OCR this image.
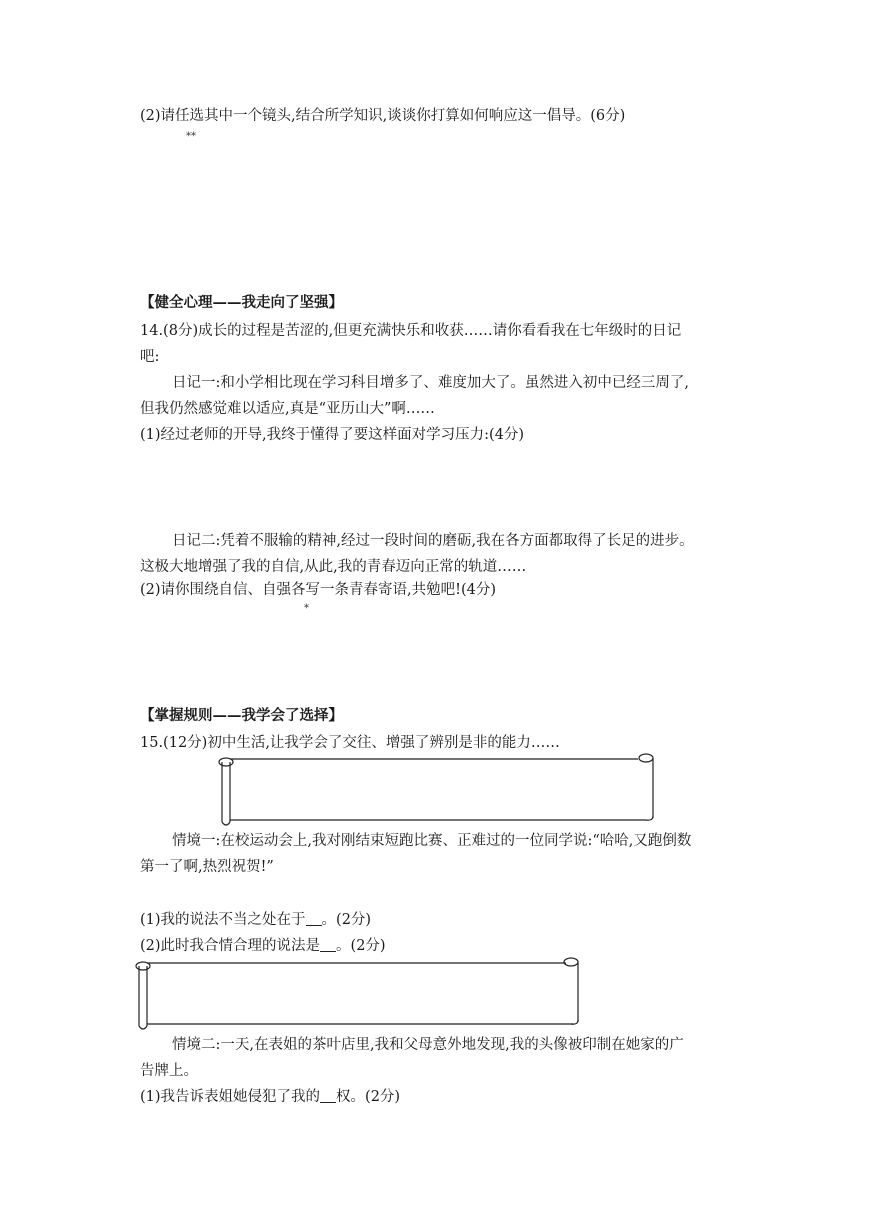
(2)请任选其中一个镜头,结合所学知识,谈谈你打算如何响应这一倡导。(6分)
**
【健全心理——我走向了坚强】
14.(8分)成长的过程是苦涩的,但更充满快乐和收获……请你看看我在七年级时的日记
吧:
日记一:和小学相比现在学习科目增多了、难度加大了。虽然进入初中已经三周了,
但我仍然感觉难以适应,真是“亚历山大”啊……
(1)经过老师的开导,我终于懂得了要这样面对学习压力:(4分)
日记二:凭着不服输的精神,经过一段时间的磨砺,我在各方面都取得了长足的进步。
这极大地增强了我的自信,从此,我的青春迈向正常的轨道……
(2)请你围绕自信、自强各写一条青春寄语,共勉吧!(4分)
*
【掌握规则——我学会了选择】
15.(12分)初中生活,让我学会了交往、增强了辨别是非的能力……
情境一:在校运动会上,我对刚结束短跑比赛、正难过的一位同学说:“哈哈,又跑倒数
第一了啊,热烈祝贺!”
(1)我的说法不当之处在于 。(2分)
(2)此时我合情合理的说法是 。(2分)
情境二:一天,在表姐的茶叶店里,我和父母意外地发现,我的头像被印制在她家的广
告牌上。
(1)我告诉表姐她侵犯了我的 权。(2分)
